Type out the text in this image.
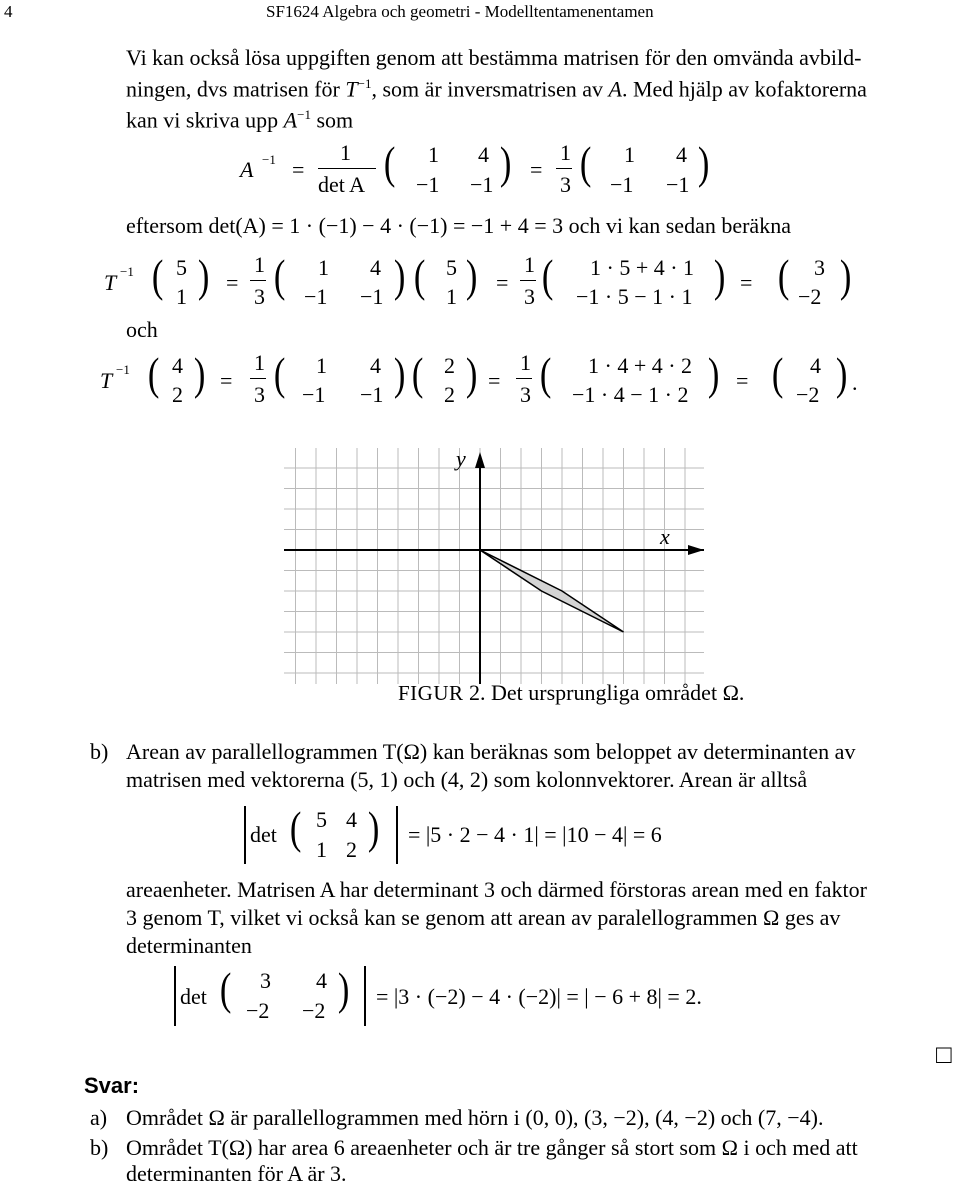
4	SF1624 Algebra och geometri - Modelltentamenentamen
Vi kan också lösa uppgiften genom att bestämma matrisen för den omvända avbild-
ningen, dvs matrisen för $T^{-1}$, som är inversmatrisen av A. Med hjälp av kofaktorerna
kan vi skriva upp $A^{-1}$ som
A −1 =
1
det A ( 1 4
−1 −1 ) =
1
3 ( 1 4
−1 −1 )
eftersom det(A) = 1 · (−1) − 4 · (−1) = −1 + 4 = 3 och vi kan sedan beräkna
T −1 ( 5
1 ) =
1
3 ( 1 4
−1 −1 ) ( 5
1 ) =
1
3 ( 1 · 5 + 4 · 1
−1 · 5 − 1 · 1 ) = ( 3
−2 )
och
T −1 ( 4
2 ) =
1
3 ( 1 4
−1 −1 ) ( 2
2 ) =
1
3 ( 1 · 4 + 4 · 2
−1 · 4 − 1 · 2 ) = ( 4
−2 ) .
x
y
FIGUR 2. Det ursprungliga området Ω.
b) Arean av parallellogrammen T(Ω) kan beräknas som beloppet av determinanten av
matrisen med vektorerna (5, 1) och (4, 2) som kolonnvektorer. Arean är alltså
det ( 5 4
1 2 ) = |5 · 2 − 4 · 1| = |10 − 4| = 6
areaenheter. Matrisen A har determinant 3 och därmed förstoras arean med en faktor
3 genom T, vilket vi också kan se genom att arean av paralellogrammen Ω ges av
determinanten
det ( 3 4
−2 −2 ) = |3 · (−2) − 4 · (−2)| = | − 6 + 8| = 2.
□
Svar:
a) Området Ω är parallellogrammen med hörn i (0, 0), (3, −2), (4, −2) och (7, −4).
b) Området T(Ω) har area 6 areaenheter och är tre gånger så stort som Ω i och med att
determinanten för A är 3.
